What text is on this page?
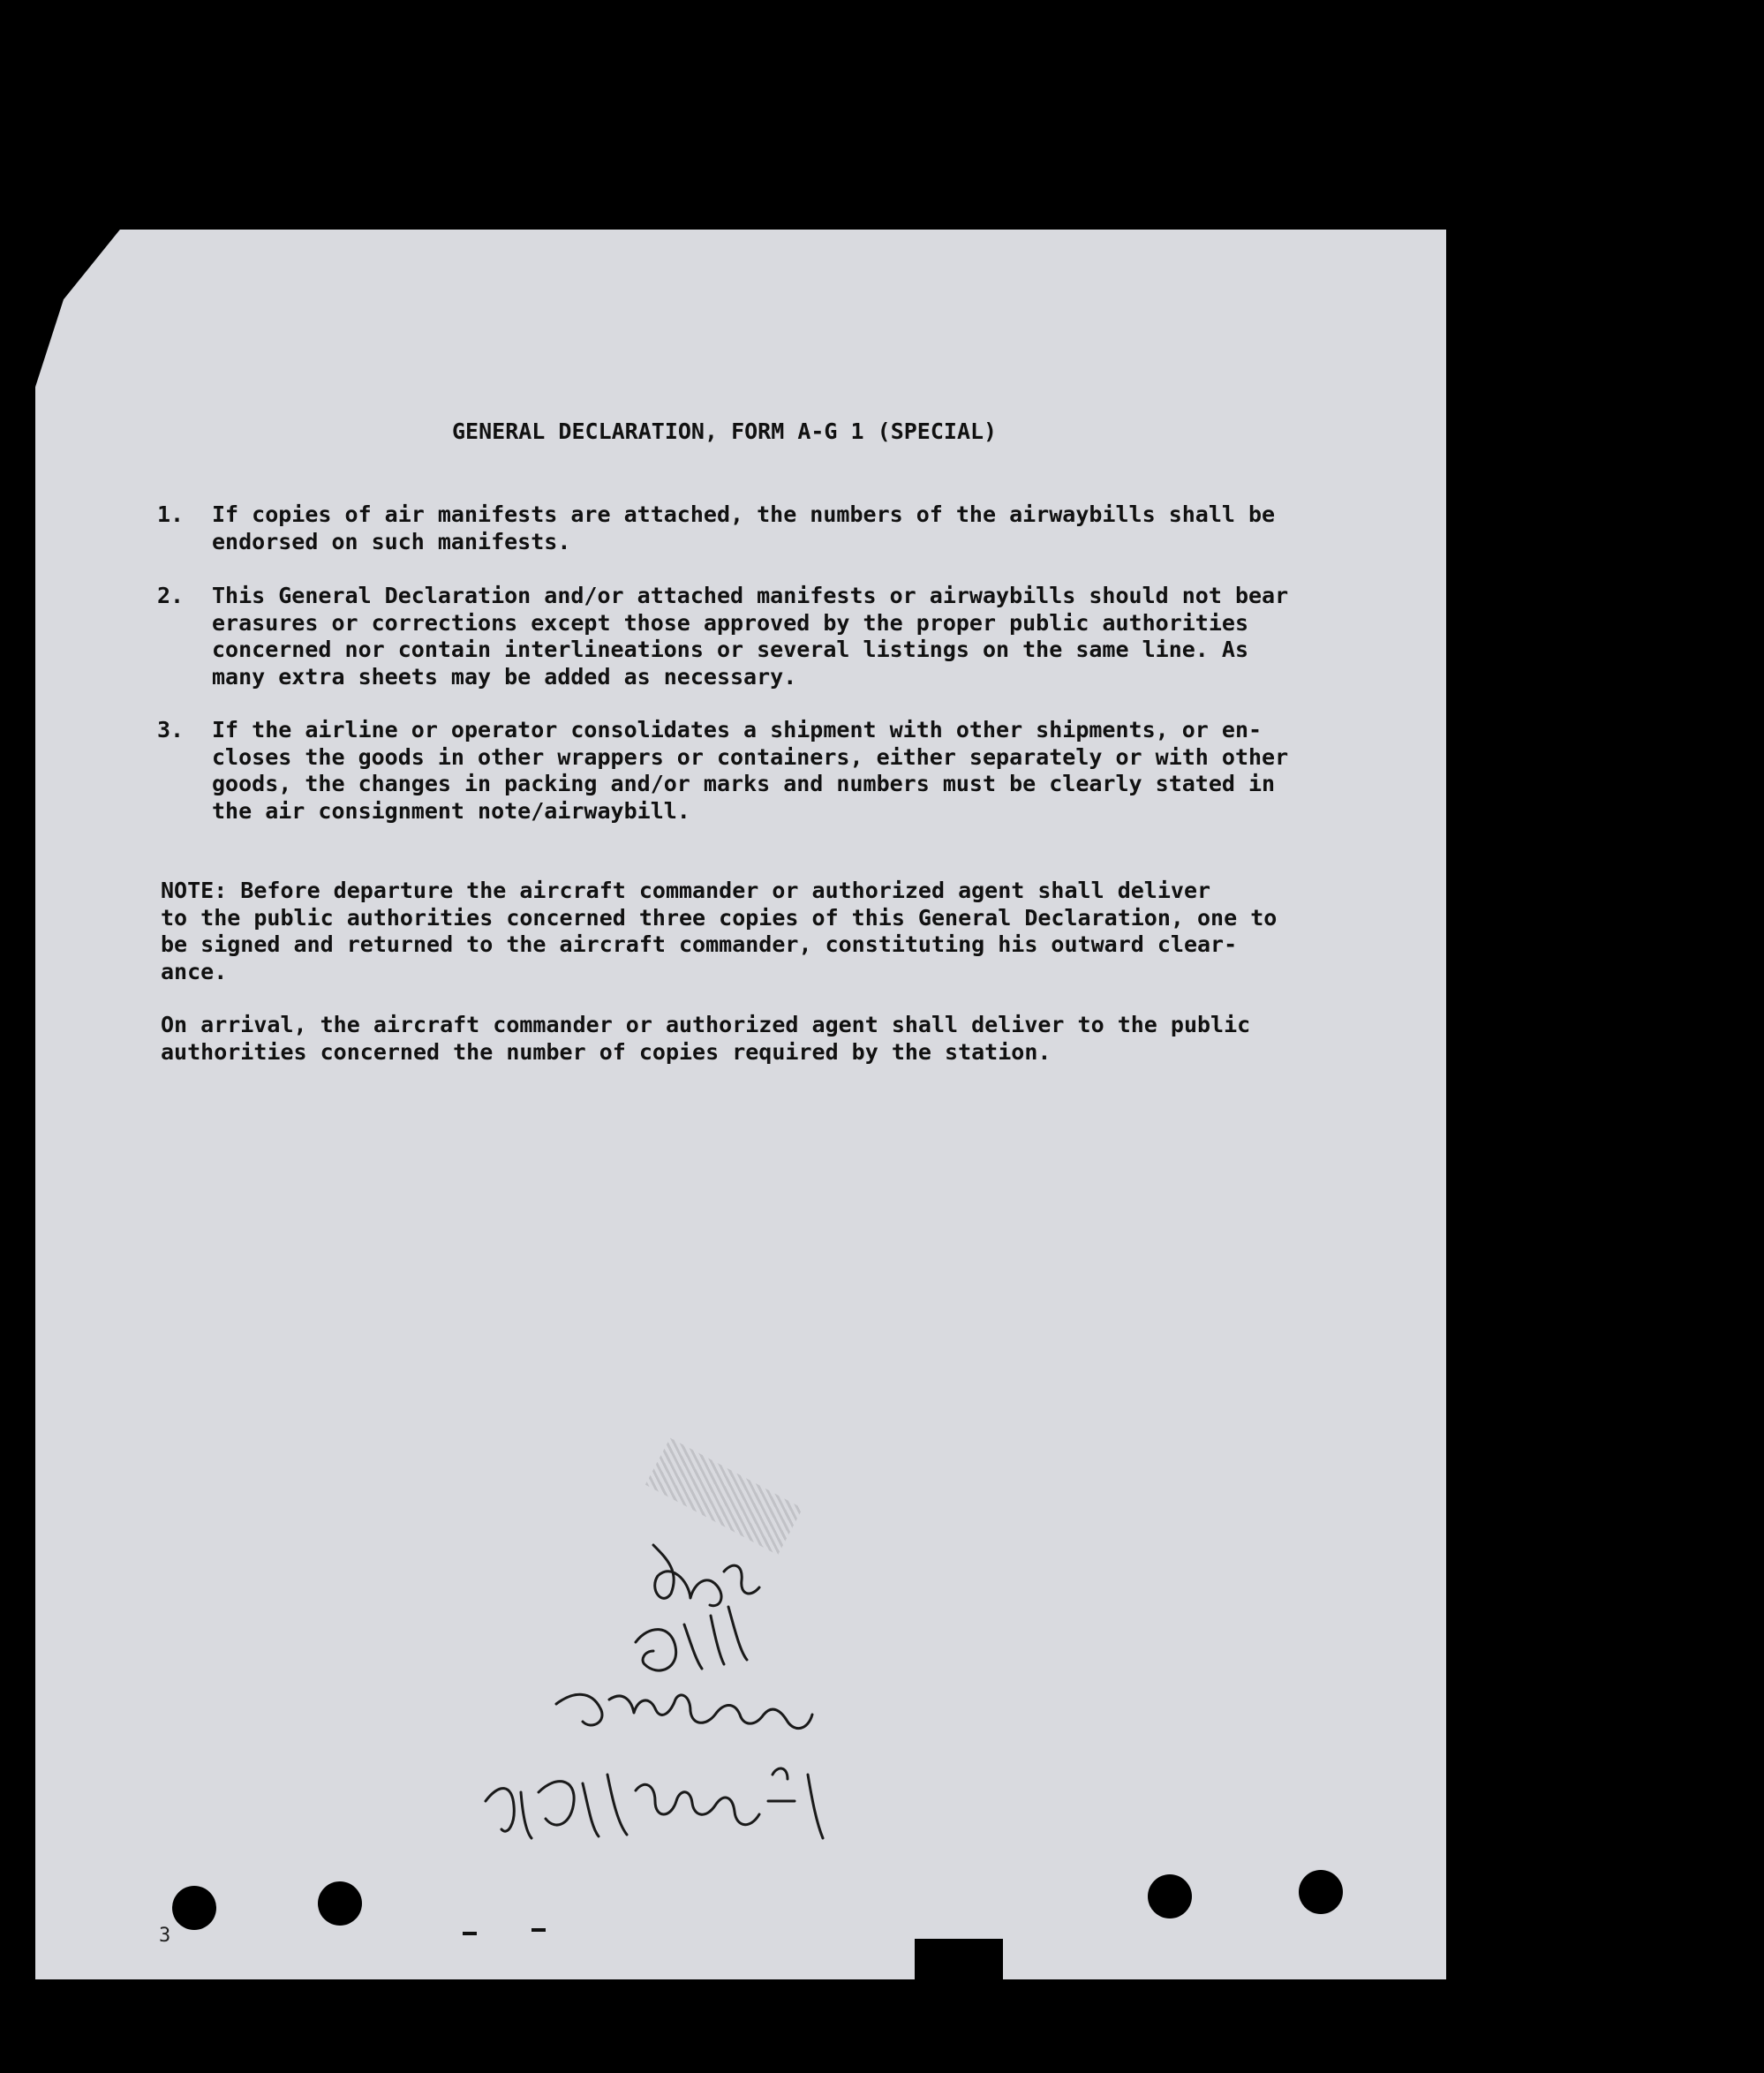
GENERAL DECLARATION, FORM A-G 1 (SPECIAL)
1. If copies of air manifests are attached, the numbers of the airwaybills shall be
endorsed on such manifests.
2. This General Declaration and/or attached manifests or airwaybills should not bear
erasures or corrections except those approved by the proper public authorities
concerned nor contain interlineations or several listings on the same line. As
many extra sheets may be added as necessary.
3. If the airline or operator consolidates a shipment with other shipments, or en-
closes the goods in other wrappers or containers, either separately or with other
goods, the changes in packing and/or marks and numbers must be clearly stated in
the air consignment note/airwaybill.
NOTE: Before departure the aircraft commander or authorized agent shall deliver
to the public authorities concerned three copies of this General Declaration, one to
be signed and returned to the aircraft commander, constituting his outward clear-
ance.
On arrival, the aircraft commander or authorized agent shall deliver to the public
authorities concerned the number of copies required by the station.
3
